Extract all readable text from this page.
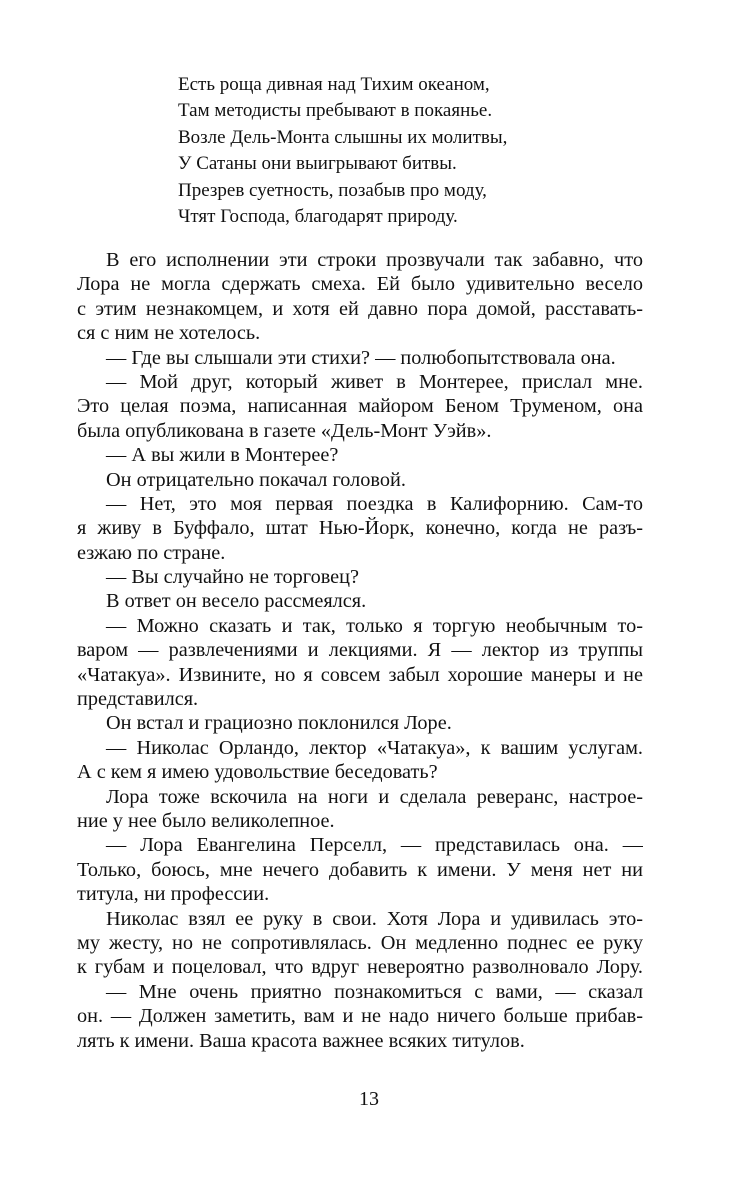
Есть роща дивная над Тихим океаном,
Там методисты пребывают в покаянье.
Возле Дель-Монта слышны их молитвы,
У Сатаны они выигрывают битвы.
Презрев суетность, позабыв про моду,
Чтят Господа, благодарят природу.
В его исполнении эти строки прозвучали так забавно, что
Лора не могла сдержать смеха. Ей было удивительно весело
с этим незнакомцем, и хотя ей давно пора домой, расставать-
ся с ним не хотелось.
— Где вы слышали эти стихи? — полюбопытствовала она.
— Мой друг, который живет в Монтерее, прислал мне.
Это целая поэма, написанная майором Беном Труменом, она
была опубликована в газете «Дель-Монт Уэйв».
— А вы жили в Монтерее?
Он отрицательно покачал головой.
— Нет, это моя первая поездка в Калифорнию. Сам-то
я живу в Буффало, штат Нью-Йорк, конечно, когда не разъ-
езжаю по стране.
— Вы случайно не торговец?
В ответ он весело рассмеялся.
— Можно сказать и так, только я торгую необычным то-
варом — развлечениями и лекциями. Я — лектор из труппы
«Чатакуа». Извините, но я совсем забыл хорошие манеры и не
представился.
Он встал и грациозно поклонился Лоре.
— Николас Орландо, лектор «Чатакуа», к вашим услугам.
А с кем я имею удовольствие беседовать?
Лора тоже вскочила на ноги и сделала реверанс, настрое-
ние у нее было великолепное.
— Лора Евангелина Перселл, — представилась она. —
Только, боюсь, мне нечего добавить к имени. У меня нет ни
титула, ни профессии.
Николас взял ее руку в свои. Хотя Лора и удивилась это-
му жесту, но не сопротивлялась. Он медленно поднес ее руку
к губам и поцеловал, что вдруг невероятно разволновало Лору.
— Мне очень приятно познакомиться с вами, — сказал
он. — Должен заметить, вам и не надо ничего больше прибав-
лять к имени. Ваша красота важнее всяких титулов.
13
